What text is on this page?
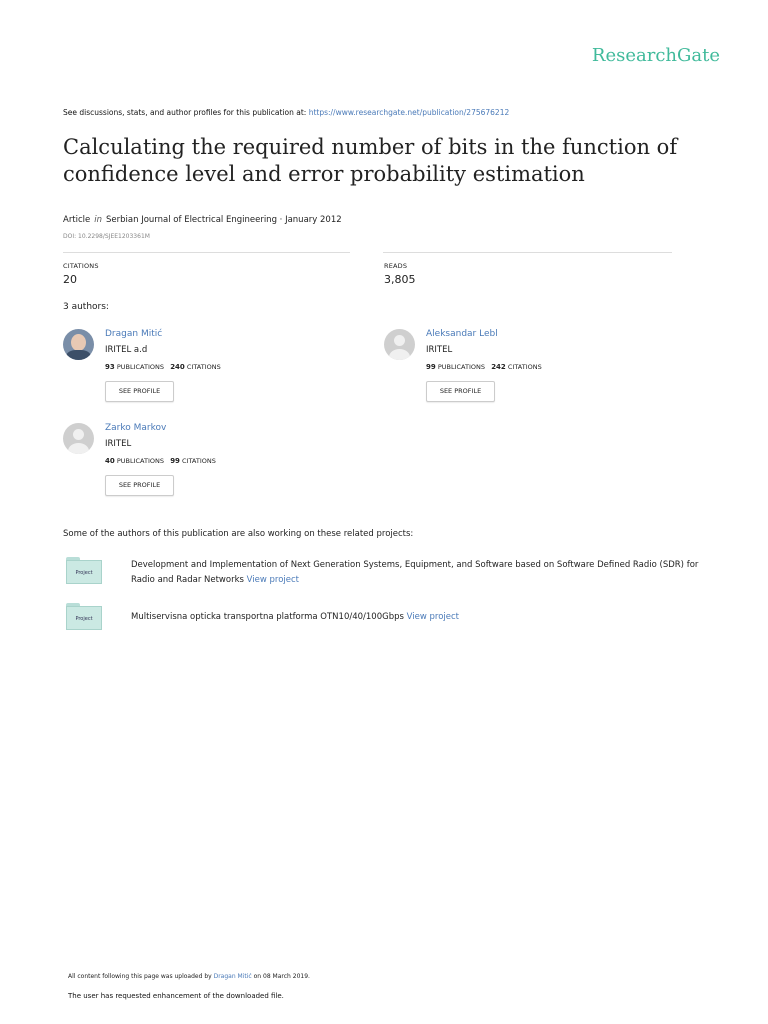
ResearchGate
See discussions, stats, and author profiles for this publication at: https://www.researchgate.net/publication/275676212
Calculating the required number of bits in the function of confidence level and error probability estimation
Article in Serbian Journal of Electrical Engineering · January 2012
DOI: 10.2298/SJEE1203361M
CITATIONS
20
READS
3,805
3 authors:
Dragan Mitić
IRITEL a.d
93 PUBLICATIONS 240 CITATIONS
SEE PROFILE
Aleksandar Lebl
IRITEL
99 PUBLICATIONS 242 CITATIONS
SEE PROFILE
Zarko Markov
IRITEL
40 PUBLICATIONS 99 CITATIONS
SEE PROFILE
Some of the authors of this publication are also working on these related projects:
Project
Development and Implementation of Next Generation Systems, Equipment, and Software based on Software Defined Radio (SDR) for Radio and Radar Networks View project
Project	Multiservisna opticka transportna platforma OTN10/40/100Gbps View project
All content following this page was uploaded by Dragan Mitić on 08 March 2019.
The user has requested enhancement of the downloaded file.
